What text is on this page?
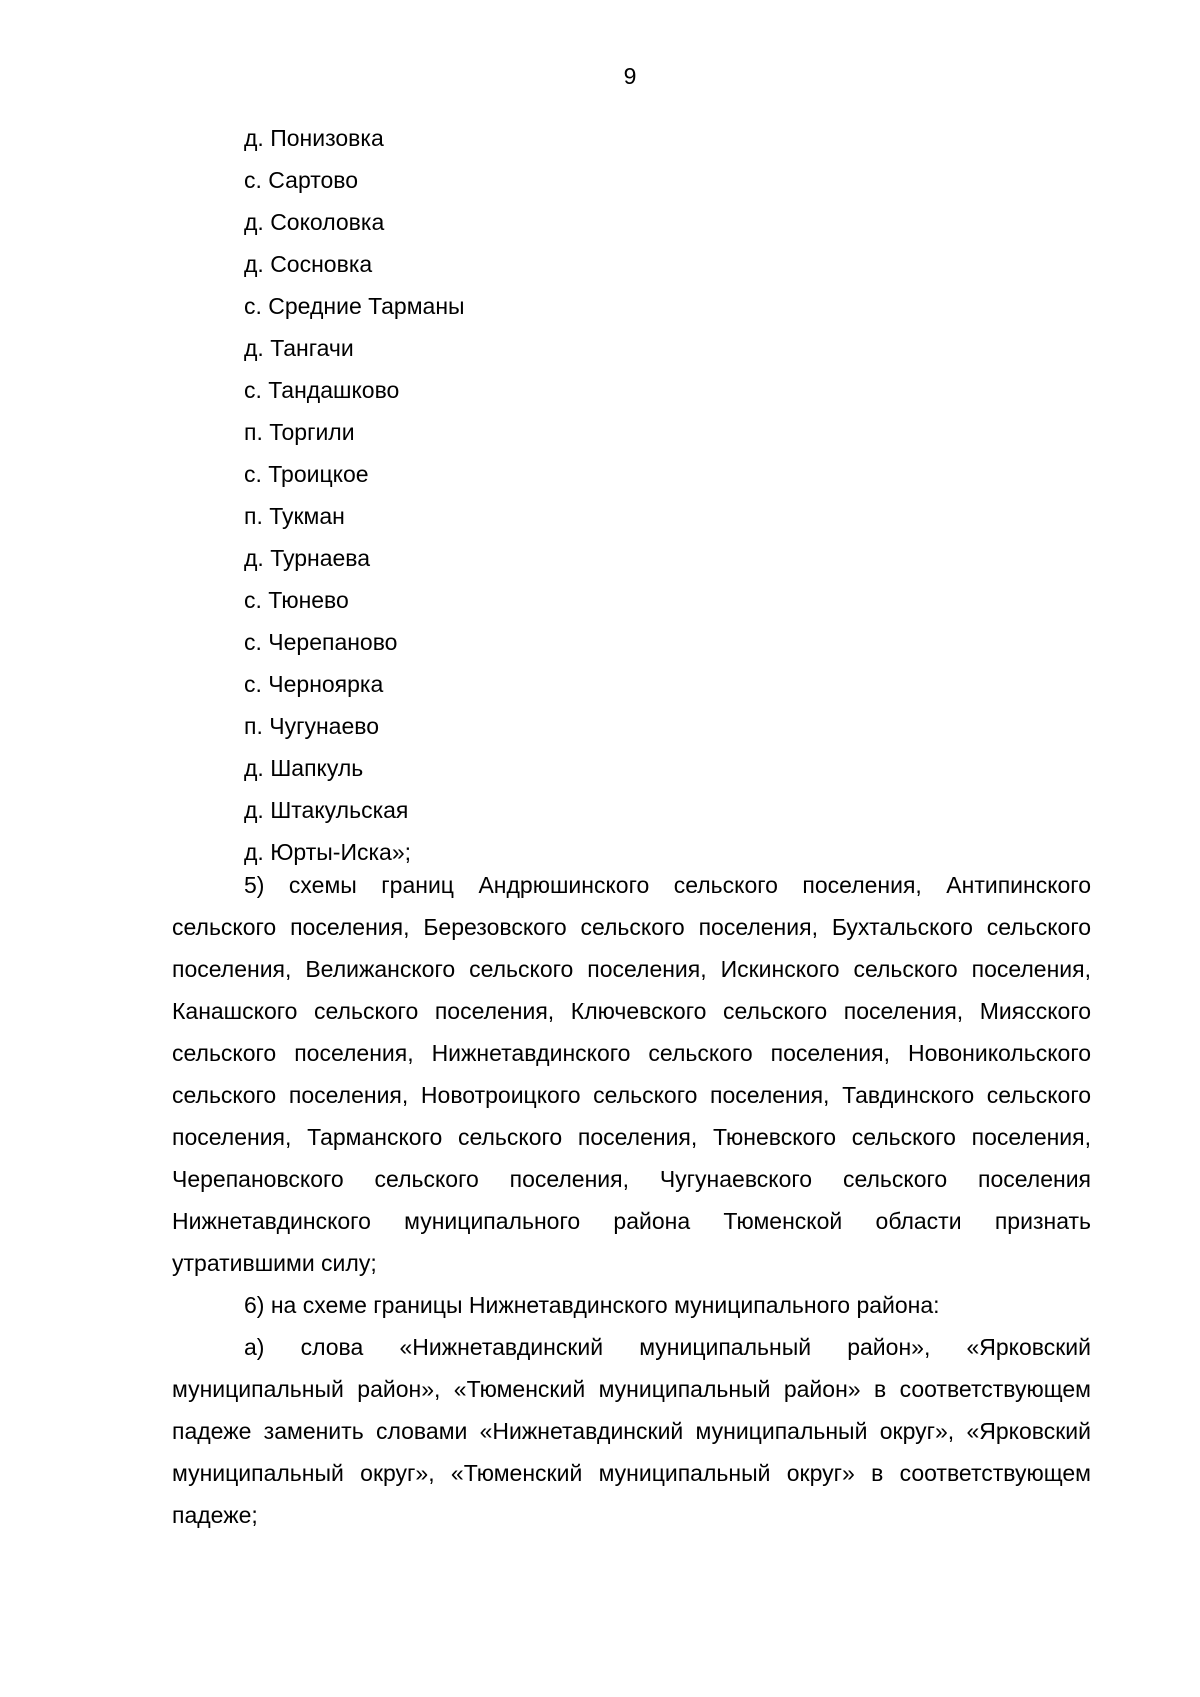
9
д. Понизовка
с. Сартово
д. Соколовка
д. Сосновка
с. Средние Тарманы
д. Тангачи
с. Тандашково
п. Торгили
с. Троицкое
п. Тукман
д. Турнаева
с. Тюнево
с. Черепаново
с. Черноярка
п. Чугунаево
д. Шапкуль
д. Штакульская
д. Юрты-Иска»;

5) схемы границ Андрюшинского сельского поселения, Антипинского сельского поселения, Березовского сельского поселения, Бухтальского сельского поселения, Велижанского сельского поселения, Искинского сельского поселения, Канашского сельского поселения, Ключевского сельского поселения, Миясского сельского поселения, Нижнетавдинского сельского поселения, Новоникольского сельского поселения, Новотроицкого сельского поселения, Тавдинского сельского поселения, Тарманского сельского поселения, Тюневского сельского поселения, Черепановского сельского поселения, Чугунаевского сельского поселения Нижнетавдинского муниципального района Тюменской области признать утратившими силу;

6) на схеме границы Нижнетавдинского муниципального района:

а) слова «Нижнетавдинский муниципальный район», «Ярковский муниципальный район», «Тюменский муниципальный район» в соответствующем падеже заменить словами «Нижнетавдинский муниципальный округ», «Ярковский муниципальный округ», «Тюменский муниципальный округ» в соответствующем падеже;
